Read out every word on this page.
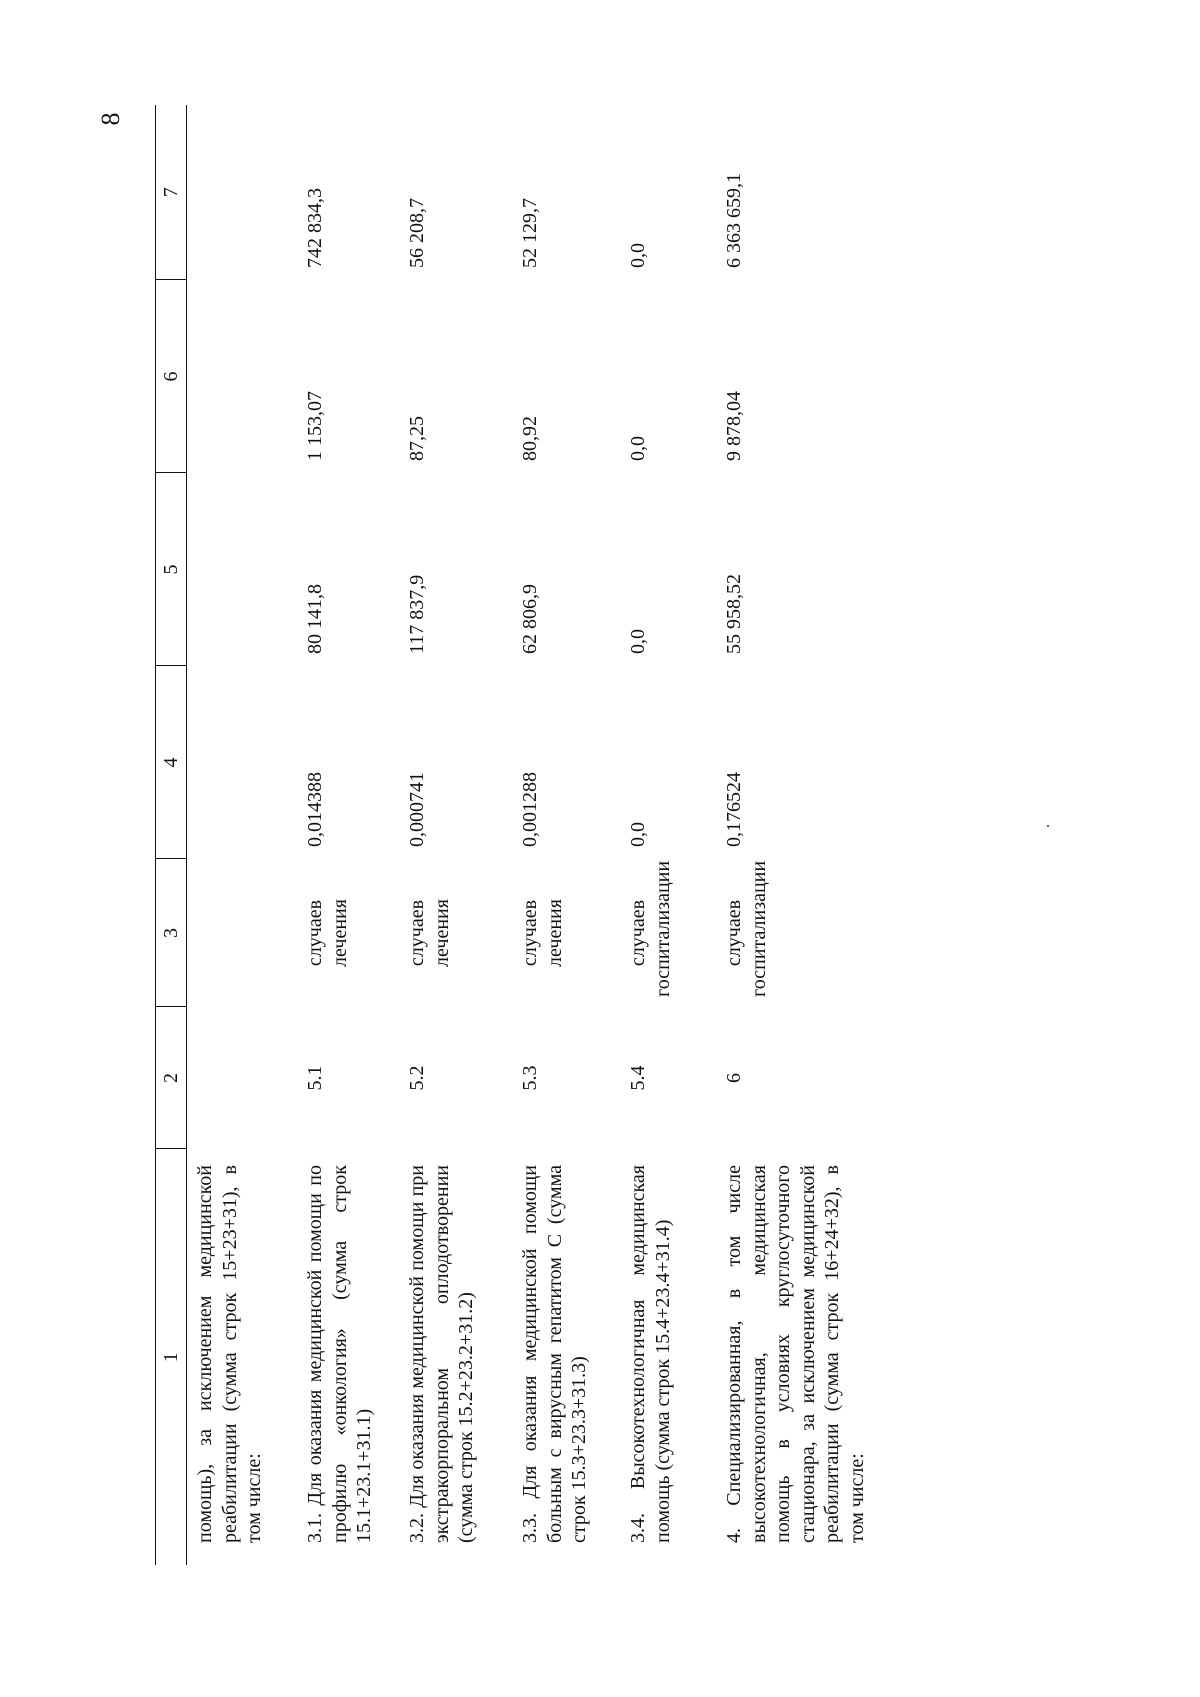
8
1	2	3	4	5	6	7
помощь), за исключением медицинской реабилитации (сумма строк 15+23+31), в том числе:						
3.1. Для оказания медицинской помощи по профилю «онкология» (сумма строк 15.1+23.1+31.1)	5.1	случаев лечения	0,014388	80 141,8	1 153,07	742 834,3
3.2. Для оказания медицинской помощи при экстракорпоральном оплодотворении (сумма строк 15.2+23.2+31.2)	5.2	случаев лечения	0,000741	117 837,9	87,25	56 208,7
3.3. Для оказания медицинской помощи больным с вирусным гепатитом С (сумма строк 15.3+23.3+31.3)	5.3	случаев лечения	0,001288	62 806,9	80,92	52 129,7
3.4. Высокотехнологичная медицинская помощь (сумма строк 15.4+23.4+31.4)	5.4	случаев госпитализации	0,0	0,0	0,0	0,0
4. Специализированная, в том числе высокотехнологичная, медицинская помощь в условиях круглосуточного стационара, за исключением медицинской реабилитации (сумма строк 16+24+32), в том числе:	6	случаев госпитализации	0,176524	55 958,52	9 878,04	6 363 659,1
